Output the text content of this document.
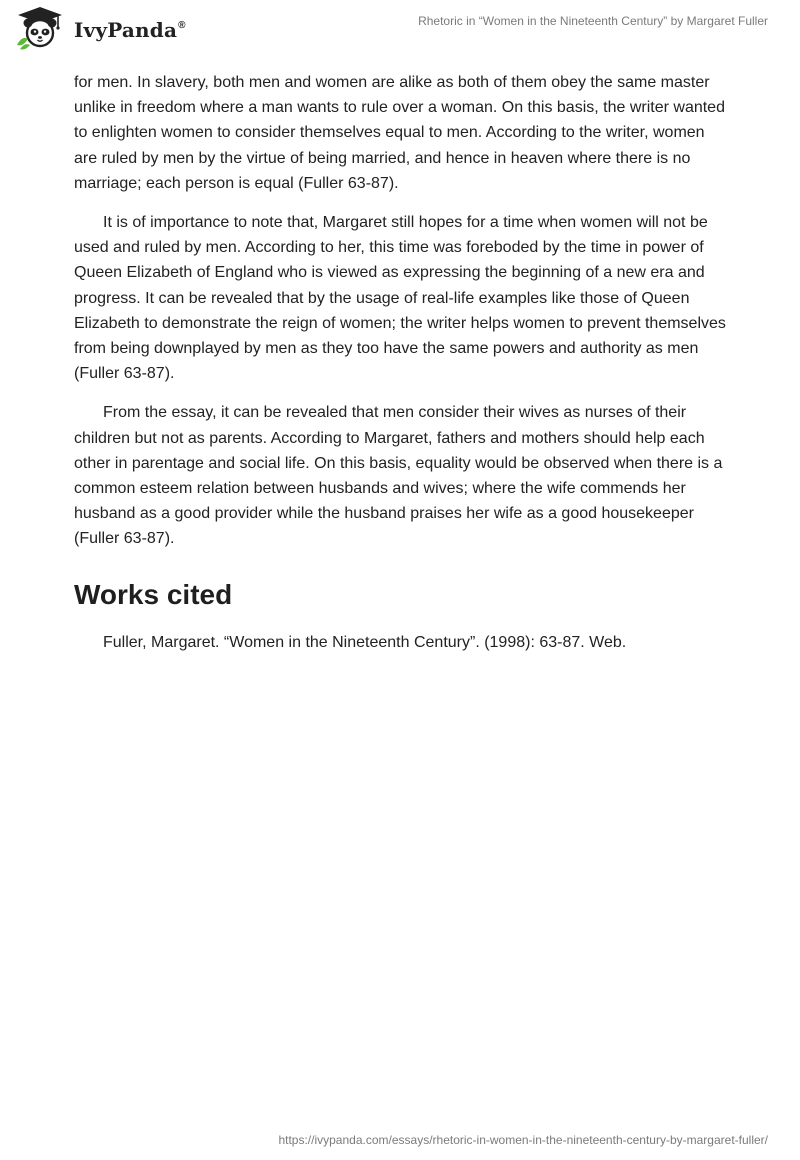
IvyPanda®	Rhetoric in “Women in the Nineteenth Century” by Margaret Fuller

for men. In slavery, both men and women are alike as both of them obey the same master unlike in freedom where a man wants to rule over a woman. On this basis, the writer wanted to enlighten women to consider themselves equal to men. According to the writer, women are ruled by men by the virtue of being married, and hence in heaven where there is no marriage; each person is equal (Fuller 63-87).

It is of importance to note that, Margaret still hopes for a time when women will not be used and ruled by men. According to her, this time was foreboded by the time in power of Queen Elizabeth of England who is viewed as expressing the beginning of a new era and progress. It can be revealed that by the usage of real-life examples like those of Queen Elizabeth to demonstrate the reign of women; the writer helps women to prevent themselves from being downplayed by men as they too have the same powers and authority as men (Fuller 63-87).

From the essay, it can be revealed that men consider their wives as nurses of their children but not as parents. According to Margaret, fathers and mothers should help each other in parentage and social life. On this basis, equality would be observed when there is a common esteem relation between husbands and wives; where the wife commends her husband as a good provider while the husband praises her wife as a good housekeeper (Fuller 63-87).

Works cited

Fuller, Margaret. “Women in the Nineteenth Century”. (1998): 63-87. Web.

https://ivypanda.com/essays/rhetoric-in-women-in-the-nineteenth-century-by-margaret-fuller/
